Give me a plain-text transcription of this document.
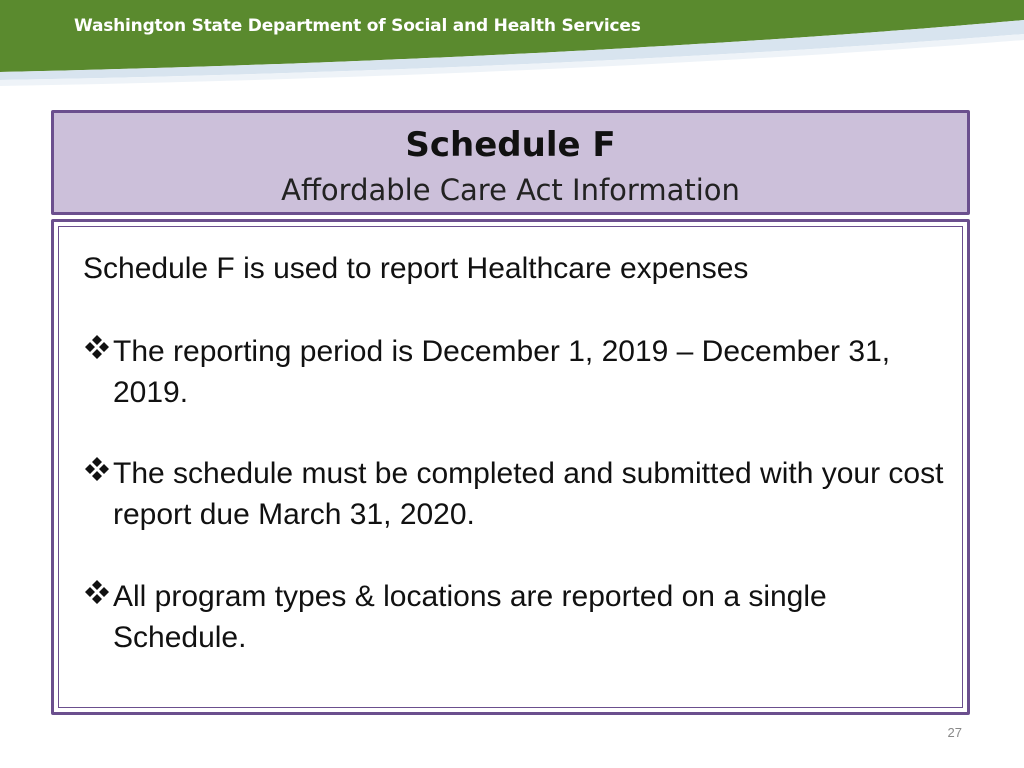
Washington State Department of Social and Health Services
Schedule F
Affordable Care Act Information
Schedule F is used to report Healthcare expenses
The reporting period is December 1, 2019 – December 31, 2019.
The schedule must be completed and submitted with your cost report due March 31, 2020.
All program types & locations are reported on a single Schedule.
27
